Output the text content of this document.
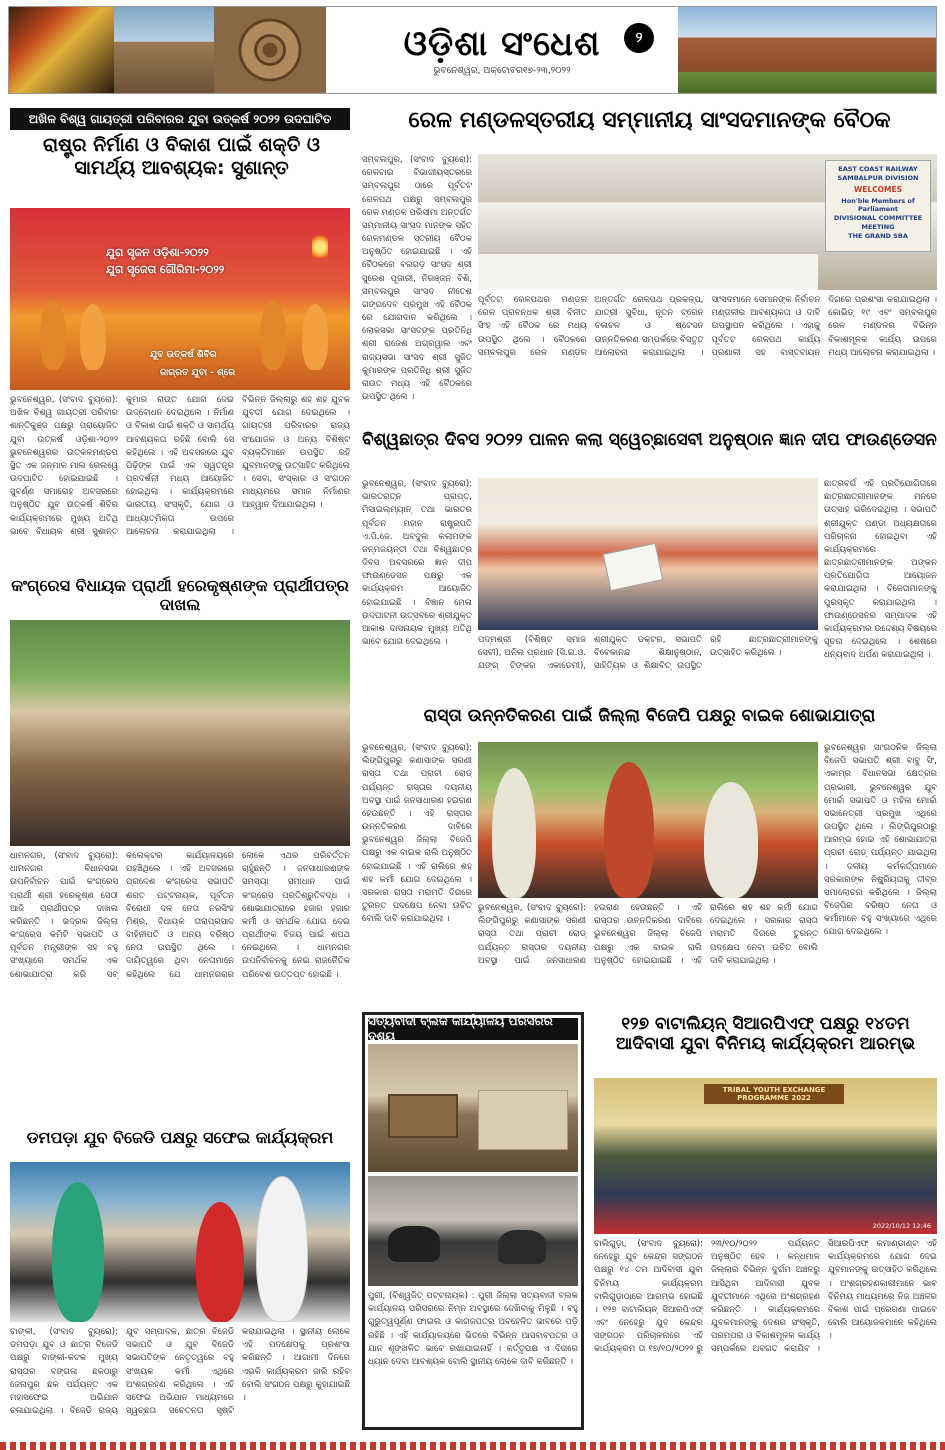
ଓଡ଼ିଶା ସଂଧେଶ
ଭୁବନେଶ୍ୱର, ଅକ୍ଟୋବର୧୭-୨୩,୨୦୨୨
୨
ଅଖିଳ ବିଶ୍ୱ ଗାୟତ୍ରୀ ପରିବାରର ଯୁବା ଉତ୍କର୍ଷ ୨୦୨୨ ଉଦଘାଟିତ
ରାଷ୍ଟ୍ର ନିର୍ମାଣ ଓ ବିକାଶ ପାଇଁ ଶକ୍ତି ଓ ସାମର୍ଥ୍ୟ ଆବଶ୍ୟକ: ସୁଶାନ୍ତ
ଯୁଗ ସୃଜନ ଓଡ଼ିଶା-୨୦୨୨
ଯୁଗ ସୃଜେତା ଗୌରିମା-୨୦୨୨
ଯୁବ ଉତ୍କର୍ଷ ଶିବିର
ଜାଗ୍ରତ ଯୁବା - ଶ୍ରେ
ଭୁବନେଶ୍ୱର, (ସଂବାଦ ବ୍ୟୁରୋ): ଅଖିଳ ବିଶ୍ୱ ଗାୟତ୍ରୀ ପରିବାର ଶାନ୍ତିକୁଞ୍ଜ ପକ୍ଷରୁ ପ୍ରାୟୋଜିତ ଯୁବା ଉତ୍କର୍ଷ ଓଡ଼ିଶା-୨୦୨୨ ଭୁବନେଶ୍ୱରର ଉତ୍କଳମଣ୍ଡପ ସ୍ଥିତ ଏକ ଜନ୍ମାଳ ମାଲ ରେଲୱେ ଉଦଘାଟିତ ହୋଇଯାଇଛି । ସୁବର୍ଣ୍ଣ ସମାରୋହ ଅବସରରେ ଅନୁଷ୍ଠିତ ଯୁବ ଉତ୍କର୍ଷ ଶିବିର କାର୍ଯ୍ୟକ୍ରମରେ ମୁଖ୍ୟ ଅତିଥି ଭାବେ ବିଧାୟକ ଶ୍ରୀ ସୁଶାନ୍ତ କୁମାର ରାଉତ ଯୋଗ ଦେଇ ଉଦ୍ବୋଧନ ଦେଇଥିଲେ । ନିର୍ମାଣ ଓ ବିକାଶ ପାଇଁ ଶକ୍ତି ଓ ସାମର୍ଥ୍ୟ ଆବଶ୍ୟକତା ରହିଛି ବୋଲି ସେ କହିଥିଲେ । ଏହି ଅବସରରେ ଯୁବ ପିଢ଼ିଙ୍କ ପାଇଁ ଏକ ସ୍ୱତନ୍ତ୍ର ପ୍ରଦର୍ଶନୀ ମଧ୍ୟ ଆୟୋଜିତ ହୋଇଥିଲା । କାର୍ଯ୍ୟକ୍ରମରେ ଭାରତୀୟ ସଂସ୍କୃତି, ଯୋଗ ଓ ଆଧ୍ୟାତ୍ମିକତା ଉପରେ ଆଲୋଚନା କରାଯାଇଥିଲା । ବିଭିନ୍ନ ଜିଲ୍ଲାରୁ ଶହ ଶହ ଯୁବକ ଯୁବତୀ ଯୋଗ ଦେଇଥିଲେ । ଗାୟତ୍ରୀ ପରିବାରର ରାଜ୍ୟ ସଂଯୋଜକ ଓ ଅନ୍ୟ ବିଶିଷ୍ଟ ବ୍ୟକ୍ତିମାନେ ଉପସ୍ଥିତ ରହି ଯୁବମାନଙ୍କୁ ଉତ୍ସାହିତ କରିଥିଲେ । ସେବା, ସଂସ୍କାର ଓ ସଂଗଠନ ମାଧ୍ୟମରେ ସମାଜ ନିର୍ମାଣର ଆହ୍ୱାନ ଦିଆଯାଇଥିଲା ।
ରେଳ ମଣ୍ଡଳସ୍ତରୀୟ ସମ୍ମାନୀୟ ସାଂସଦମାନଙ୍କ ବୈଠକ
ସମ୍ବଲପୁର, (ସଂବାଦ ବ୍ୟୁରୋ): ରେଳବାଇ ବିଭାଗୀୟସ୍ତରରେ ସମ୍ବଲପୁର ଠାରେ ପୂର୍ବତଟ ରେଳପଥ ପକ୍ଷରୁ ସମ୍ବଲପୁର ରେଳ ମଣ୍ଡଳ ପରିସୀମା ଅନ୍ତର୍ଗତ ସମ୍ମାନୀୟ ସାଂସଦ ମାନଙ୍କ ସହିତ ରେଳମଣ୍ଡଳ ସ୍ତରୀୟ ବୈଠକ ଅନୁଷ୍ଠିତ ହୋଇଯାଇଛି । ଏହି ବୈଠକରେ ବରଗଡ଼ ସାଂସଦ ଶ୍ରୀ ସୁରେଶ ପୂଜାରୀ, ନିରଞ୍ଜନ ବିଶି, ସମ୍ବଲପୁର ସାଂସଦ ନୀତେଶ ଗଙ୍ଗଦେବ ପ୍ରମୁଖ ଏହି ବୈଠକ ରେ ଯୋଗଦାନ କରିଥିଲେ । ଲୋକସଭା ସାଂସଦଙ୍କ ପ୍ରତିନିଧି ଶ୍ରୀ ରାଜେଶ ଅଗ୍ରୱାଲ ଏବଂ ରାଜ୍ୟସଭା ସାଂସଦ ଶ୍ରୀ ସୁଜିତ କୁମାରଙ୍କ ପ୍ରତିନିଧି ଶ୍ରୀ ସୁଜିତ ରାଉତ ମଧ୍ୟ ଏହି ବୈଠକରେ ଉପସ୍ଥିତ ଥିଲେ ।
EAST COAST RAILWAY
SAMBALPUR DIVISION
WELCOMES
Hon'ble Members of Parliament
DIVISIONAL COMMITTEE MEETING
THE GRAND SBA
ପୂର୍ବତଟ ରେଳପଥର ମଣ୍ଡଳ ରେଳ ପ୍ରବନ୍ଧକ ଶ୍ରୀ ବିନୀତ ସିଂହ ଏହି ବୈଠକ ରେ ମଧ୍ୟ ଉପସ୍ଥିତ ଥିଲେ । ବୈଠକରେ ସମ୍ବଲପୁର ରେଳ ମଣ୍ଡଳ ଅନ୍ତର୍ଗତ ରେଳପଥ ପ୍ରକଳ୍ପ, ଯାତ୍ରୀ ସୁବିଧା, ନୂତନ ଟ୍ରେନ ଚଳାଚଳ ଓ ଷ୍ଟେସନ ଉନ୍ନତିକରଣ ସମ୍ପର୍କରେ ବିସ୍ତୃତ ଆଲୋଚନା କରାଯାଇଥିଲା । ସାଂସଦମାନେ ସେମାନଙ୍କ ନିର୍ବାଚନ ମଣ୍ଡଳୀର ଆବଶ୍ୟକତା ଓ ଦାବି ଉପସ୍ଥାପନ କରିଥିଲେ । ଏହାକୁ ପୂର୍ବତଟ ରେଳପଥ କାର୍ଯ୍ୟ ପ୍ରଣାଳୀ ସହ ବାସ୍ତବାୟନ ଦିଗରେ ପ୍ରଶଂସା କରାଯାଇଥିଲା । କୋଭିଡ୍ ୧୯ ଏବଂ ସମ୍ବଲପୁର ରେଳ ମଣ୍ଡଳର ବିଭିନ୍ନ ବିକାଶମୂଳକ କାର୍ଯ୍ୟ ଉପରେ ମଧ୍ୟ ଆଲୋଚନା କରାଯାଇଥିଲା ।
କଂଗ୍ରେସ ବିଧାୟକ ପ୍ରାର୍ଥୀ ହରେକୃଷ୍ଣଙ୍କ ପ୍ରାର୍ଥୀପତ୍ର ଦାଖଲ
ଧାମନଗର, (ସଂବାଦ ବ୍ୟୁରୋ): ଧାମନଗର ବିଧାନସଭା ଉପନିର୍ବାଚନ ପାଇଁ କଂଗ୍ରେସ ପ୍ରାର୍ଥୀ ଶ୍ରୀ ହରେକୃଷ୍ଣ ସେଠୀ ଆଜି ପ୍ରାର୍ଥୀପତ୍ର ଦାଖଲ କରିଛନ୍ତି । ଭଦ୍ରକ ଜିଲ୍ଲା କଂଗ୍ରେସ କମିଟି ସଭାପତି ଓ ପୂର୍ବତନ ମନ୍ତ୍ରୀଙ୍କ ସହ ବହୁ ସଂଖ୍ୟାରେ ସମର୍ଥକ ଏକ ଶୋଭାଯାତ୍ରା କରି ସବ୍ କଲେକ୍ଟର କାର୍ଯ୍ୟାଳୟରେ ପହଞ୍ଚିଥିଲେ । ଏହି ଅବସରରେ ପ୍ରଦେଶ କଂଗ୍ରେସ ସଭାପତି ଶରତ ପଟ୍ଟନାୟକ, ପୂର୍ବତନ ବିରୋଧୀ ଦଳ ନେତା ନରସିଂହ ମିଶ୍ର, ବିଧାୟକ ତାରାପ୍ରସାଦ ବାହିନୀପତି ଓ ଅନ୍ୟ ବରିଷ୍ଠ ନେତା ଉପସ୍ଥିତ ଥିଲେ । ଦାୟିତ୍ୱରେ ଥିବା ନେତାମାନେ କହିଥିଲେ ଯେ ଧାମନଗରର ଲୋକେ ଏଥର ପରିବର୍ତ୍ତନ ଚାହୁଁଛନ୍ତି । ଜନସାଧାରଣଙ୍କ ସମସ୍ୟା ସମାଧାନ ପାଇଁ କଂଗ୍ରେସ ପ୍ରତିଶ୍ରୁତିବଦ୍ଧ । ଶୋଭାଯାତ୍ରାରେ ହଜାର ହଜାର କର୍ମୀ ଓ ସମର୍ଥକ ଯୋଗ ଦେଇ ପ୍ରାର୍ଥୀଙ୍କ ବିଜୟ ପାଇଁ ଶପଥ ନେଇଥିଲେ । ଧାମନଗର ଉପନିର୍ବାଚନକୁ ନେଇ ରାଜନୈତିକ ପରିବେଶ ଉତ୍ତପ୍ତ ହୋଇଛି ।
ବିଶ୍ୱଛାତ୍ର ଦିବସ ୨୦୨୨ ପାଳନ କଲା ସ୍ୱେଚ୍ଛାସେବୀ ଅନୁଷ୍ଠାନ ଜ୍ଞାନ ଦୀପ ଫାଉଣ୍ଡେସନ
ଭୁବନେଶ୍ୱର, (ସଂବାଦ ବ୍ୟୁରୋ): ଭାରତରତ୍ନ ପ୍ରାପ୍ତ, ମିସାଇଲ୍ମ୍ୟାନ୍ ତଥା ଭାରତର ପୂର୍ବତନ ମହାନ ରାଷ୍ଟ୍ରପତି ଏ.ପି.ଜେ. ଅବଦୁଲ କଲାମଙ୍କ ଜନ୍ମଜୟନ୍ତୀ ତଥା ବିଶ୍ୱଛାତ୍ର ଦିବସ ଅବସରରେ ଜ୍ଞାନ ଦୀପ ଫାଉଣ୍ଡେସନ ପକ୍ଷରୁ ଏକ କାର୍ଯ୍ୟକ୍ରମ ଆୟୋଜିତ ହୋଇଯାଇଛି । ବିଜ୍ଞାନ ମେଳା ଉଦଘାଟନୀ ଉତ୍ସବରେ ଶ୍ରୀଯୁକ୍ତ ଆକାଶ ଦାସନାୟକ ମୁଖ୍ୟ ଅତିଥି ଭାବେ ଯୋଗ ଦେଇଥିଲେ ।	ପଦ୍ମଶ୍ରୀ (ବିଶିଷ୍ଟ ସମାଜ ସେବୀ), ଅନିଲ ପ୍ରଧାନ (ସି.ଇ.ଓ. ଯଙ୍ଗ୍ ଟିଙ୍କର ଏକାଡେମୀ), ଶ୍ରୀଯୁକ୍ତ ଡକ୍ଟର, ସଭାପତି ବିବେକାନନ୍ଦ ଶିକ୍ଷାନୁଷ୍ଠାନ, ସାହିତ୍ୟିକ ଓ ଶିକ୍ଷାବିତ୍ ଉପସ୍ଥିତ ରହି ଛାତ୍ରଛାତ୍ରୀମାନଙ୍କୁ ଉତ୍ସାହିତ କରିଥିଲେ ।
ଛାତ୍ରବର୍ଗ ଏହି ପ୍ରତିଯୋଗିତାରେ ଛାତ୍ରଛାତ୍ରୀମାନଙ୍କ ମନରେ ଉତ୍ସାହ ଭରିଦେଇଥିଲା । ସଭାପତି ଶ୍ରୀଯୁକ୍ତ ପଣ୍ଡା ଅଧ୍ୟକ୍ଷତାରେ ପରିଚାଳନା ହୋଇଥିବା ଏହି କାର୍ଯ୍ୟକ୍ରମରେ ଛାତ୍ରଛାତ୍ରୀମାନଙ୍କ ଅଙ୍କନ ପ୍ରତିଯୋଗିତା ଆୟୋଜନ କରାଯାଇଥିଲା । ବିଜେତାମାନଙ୍କୁ ପୁରସ୍କୃତ କରାଯାଇଥିଲା । ଫାଉଣ୍ଡେସନର ସମ୍ପାଦକ ଏହି କାର୍ଯ୍ୟକ୍ରମର ଉଦ୍ଦେଶ୍ୟ ବିଷୟରେ ସୂଚନା ଦେଇଥିଲେ । ଶେଷରେ ଧନ୍ୟବାଦ ଅର୍ପଣ କରାଯାଇଥିଲା ।
ରାସ୍ତା ଉନ୍ନତିକରଣ ପାଇଁ ଜିଲ୍ଲା ବିଜେପି ପକ୍ଷରୁ ବାଇକ ଶୋଭାଯାତ୍ରା
ଭୁବନେଶ୍ୱର, (ସଂବାଦ ବ୍ୟୁରୋ): ଲିଙ୍ଗିପୁରରୁ କଣାସାଙ୍କ ସରଣୀ ରାସ୍ତା ତଥା ପ୍ରାଚୀ ରୋଡ୍ ପର୍ଯ୍ୟନ୍ତ ରାସ୍ତାର ଦୟନୀୟ ଅବସ୍ଥା ପାଇଁ ଜନସାଧାରଣ ହଇରାଣ ହେଉଛନ୍ତି । ଏହି ରାସ୍ତାର ଉନ୍ନତିକରଣ ଦାବିରେ ଭୁବନେଶ୍ୱର ଜିଲ୍ଲା ବିଜେପି ପକ୍ଷରୁ ଏକ ବାଇକ ରାଲି ଅନୁଷ୍ଠିତ ହୋଇଯାଇଛି । ଏହି ରାଲିରେ ଶହ ଶହ କର୍ମୀ ଯୋଗ ଦେଇଥିଲେ । ସରକାର ରାସ୍ତା ମରାମତି ଦିଗରେ ତୁରନ୍ତ ପଦକ୍ଷେପ ନେବା ଉଚିତ ବୋଲି ଦାବି କରାଯାଇଥିଲା ।
ଭୁବନେଶ୍ୱର, (ସଂବାଦ ବ୍ୟୁରୋ): ଲିଙ୍ଗିପୁରରୁ କଣାସାଙ୍କ ସରଣୀ ରାସ୍ତା ତଥା ପ୍ରାଚୀ ରୋଡ୍ ପର୍ଯ୍ୟନ୍ତ ରାସ୍ତାର ଦୟନୀୟ ଅବସ୍ଥା ପାଇଁ ଜନସାଧାରଣ ହଇରାଣ ହେଉଛନ୍ତି । ଏହି ରାସ୍ତାର ଉନ୍ନତିକରଣ ଦାବିରେ ଭୁବନେଶ୍ୱର ଜିଲ୍ଲା ବିଜେପି ପକ୍ଷରୁ ଏକ ବାଇକ ରାଲି ଅନୁଷ୍ଠିତ ହୋଇଯାଇଛି । ଏହି ରାଲିରେ ଶହ ଶହ କର୍ମୀ ଯୋଗ ଦେଇଥିଲେ । ସରକାର ରାସ୍ତା ମରାମତି ଦିଗରେ ତୁରନ୍ତ ପଦକ୍ଷେପ ନେବା ଉଚିତ ବୋଲି ଦାବି କରାଯାଇଥିଲା ।
ଭୁବନେଶ୍ୱର ସାଂଗଠନିକ ଜିଲ୍ଲା ବିଜେପି ସଭାପତି ଶ୍ରୀ ବାବୁ ସିଂ, ଏକାମ୍ର ବିଧାନସଭା କ୍ଷେତ୍ରର ପ୍ରଭାରୀ, ଭୁବନେଶ୍ୱର ଯୁବ ମୋର୍ଚ୍ଚା ସଭାପତି ଓ ମହିଳା ମୋର୍ଚ୍ଚା ସଭାନେତ୍ରୀ ପ୍ରମୁଖ ଏଥିରେ ଉପସ୍ଥିତ ଥିଲେ । ଲିଙ୍ଗିପୁରଠାରୁ ଆରମ୍ଭ ହୋଇ ଏହି ଶୋଭାଯାତ୍ରା ପ୍ରାଚୀ ରୋଡ୍ ପର୍ଯ୍ୟନ୍ତ ଯାଇଥିଲା । ଦଳୀୟ କର୍ମକର୍ତ୍ତାମାନେ ସରକାରଙ୍କ ନିଷ୍କ୍ରିୟତାକୁ ତୀବ୍ର ସମାଲୋଚନା କରିଥିଲେ । ଜିଲ୍ଲା ବିଜେପିର ବରିଷ୍ଠ ନେତା ଓ କର୍ମୀମାନେ ବହୁ ସଂଖ୍ୟାରେ ଏଥିରେ ଯୋଗ ଦେଇଥିଲେ ।
ଡମପଡ଼ା ଯୁବ ବିଜେଡି ପକ୍ଷରୁ ସଫେଇ କାର୍ଯ୍ୟକ୍ରମ
ବାଙ୍କୀ, (ସଂବାଦ ବ୍ୟୁରୋ): ଡମପଡ଼ା ଯୁବ ଓ ଛାତ୍ର ବିଜେଡି ପକ୍ଷରୁ ବାଙ୍କୀ-କଟକ ମୁଖ୍ୟ ରାସ୍ତାର ବଙ୍ଗଳା ଛକଠାରୁ ଜେନାପୁର ଛକ ପର୍ଯ୍ୟନ୍ତ ଏକ ମହାସଫେଇ ଅଭିଯାନ ଚଳାଯାଇଥିଲା । ବିଜେଡି ରାଜ୍ୟ ଯୁବ ସମ୍ପାଦକ, ଛାତ୍ର ବିଜେଡି ସଭାପତି ଓ ଯୁବ ବିଜେଡି ସଭାପତିଙ୍କ ନେତୃତ୍ୱରେ ବହୁ ସଂଖ୍ୟକ କର୍ମୀ ଏଥିରେ ଅଂଶଗ୍ରହଣ କରିଥିଲେ । ଏହି ସଫେଇ ଅଭିଯାନ ମାଧ୍ୟମରେ ସ୍ୱଚ୍ଛତା ସଚେତନତା ସୃଷ୍ଟି କରାଯାଇଥିଲା । ସ୍ଥାନୀୟ ଲୋକେ ଏହି ପଦକ୍ଷେପକୁ ପ୍ରଶଂସା କରିଛନ୍ତି । ଆଗାମୀ ଦିନରେ ଏଭଳି କାର୍ଯ୍ୟକ୍ରମ ଜାରି ରହିବ ବୋଲି ସଂଗଠନ ପକ୍ଷରୁ କୁହାଯାଇଛି ।
ସତ୍ୟବାଦୀ ବ୍ଲକ କାର୍ଯ୍ୟାଳୟ ପରିସରର ଦୃଶ୍ୟ
ପୁରୀ, (ବିଶ୍ୱଜିତ୍ ପଟ୍ଟନାୟକ) : ପୁରୀ ଜିଲ୍ଲା ସତ୍ୟବାଦୀ ବ୍ଲକ କାର୍ଯ୍ୟାଳୟ ପରିସରରେ ନିମ୍ନ ଅବସ୍ଥାରେ ଦେଖିବାକୁ ମିଳୁଛି । ବହୁ ଗୁରୁତ୍ୱପୂର୍ଣ୍ଣ ଫାଇଲ ଓ କାଗଜପତ୍ର ଅବହେଳିତ ଭାବରେ ପଡ଼ି ରହିଛି । ଏହି କାର୍ଯ୍ୟାଳୟରେ ଭିତରେ ବିଭିନ୍ନ ଆସବାବପତ୍ର ଓ ଯାନ ଶୃଙ୍ଖଳିତ ଭାବେ ରଖାଯାଇନାହିଁ । କର୍ତ୍ତୃପକ୍ଷ ଏ ଦିଗରେ ଧ୍ୟାନ ଦେବା ଆବଶ୍ୟକ ବୋଲି ସ୍ଥାନୀୟ ଲୋକେ ଦାବି କରିଛନ୍ତି ।
୧୨୭ ବାଟାଲିୟନ୍ ସିଆରପିଏଫ୍ ପକ୍ଷରୁ ୧୪ତମ ଆଦିବାସୀ ଯୁବା ବିନିମୟ କାର୍ଯ୍ୟକ୍ରମ ଆରମ୍ଭ
TRIBAL YOUTH EXCHANGE PROGRAMME 2022
2022/10/12 12:46
ବାଲିଗୁଡ଼ା, (ସଂବାଦ ବ୍ୟୁରୋ): ନେହେରୁ ଯୁବ କେନ୍ଦ୍ର ସଙ୍ଗଠନ ପକ୍ଷରୁ ୧୪ ତମ ଆଦିବାସୀ ଯୁବା ବିନିମୟ କାର୍ଯ୍ୟକ୍ରମ ବାଲିଗୁଡ଼ାଠାରେ ଆରମ୍ଭ ହୋଇଛି । ୧୨୭ ବାଟାଲିୟନ୍ ସିଆରପିଏଫ୍ ଏବଂ ନେହେରୁ ଯୁବ କେନ୍ଦ୍ର ସଙ୍ଗଠନ ପରିଚାଳନାରେ ଏହି କାର୍ଯ୍ୟକ୍ରମ ତା ୧୭/୧୦/୨୦୨୨ ରୁ ୨୩/୧୦/୨୦୨୨ ପର୍ଯ୍ୟନ୍ତ ଅନୁଷ୍ଠିତ ହେବ । କନ୍ଧମାଳ ଜିଲ୍ଲାର ବିଭିନ୍ନ ଦୁର୍ଗମ ଅଞ୍ଚଳରୁ ଆସିଥିବା ଆଦିବାସୀ ଯୁବକ ଯୁବତୀମାନେ ଏଥିରେ ଅଂଶଗ୍ରହଣ କରିଛନ୍ତି । କାର୍ଯ୍ୟକ୍ରମରେ ଯୁବକମାନଙ୍କୁ ଦେଶର ସଂସ୍କୃତି, ପରମ୍ପରା ଓ ବିକାଶମୂଳକ କାର୍ଯ୍ୟ ସମ୍ପର୍କରେ ଅବଗତ କରାଯିବ । ସିଆରପିଏଫ୍ କମାଣ୍ଡାଣ୍ଟ ଏହି କାର୍ଯ୍ୟକ୍ରମରେ ଯୋଗ ଦେଇ ଯୁବମାନଙ୍କୁ ଉତ୍ସାହିତ କରିଥିଲେ । ଅଂଶଗ୍ରହଣକାରୀମାନେ ଭାବ ବିନିମୟ ମାଧ୍ୟମରେ ନିଜ ଅଞ୍ଚଳର ବିକାଶ ପାଇଁ ପ୍ରେରଣା ପାଇବେ ବୋଲି ଆୟୋଜକମାନେ କହିଥିଲେ ।
